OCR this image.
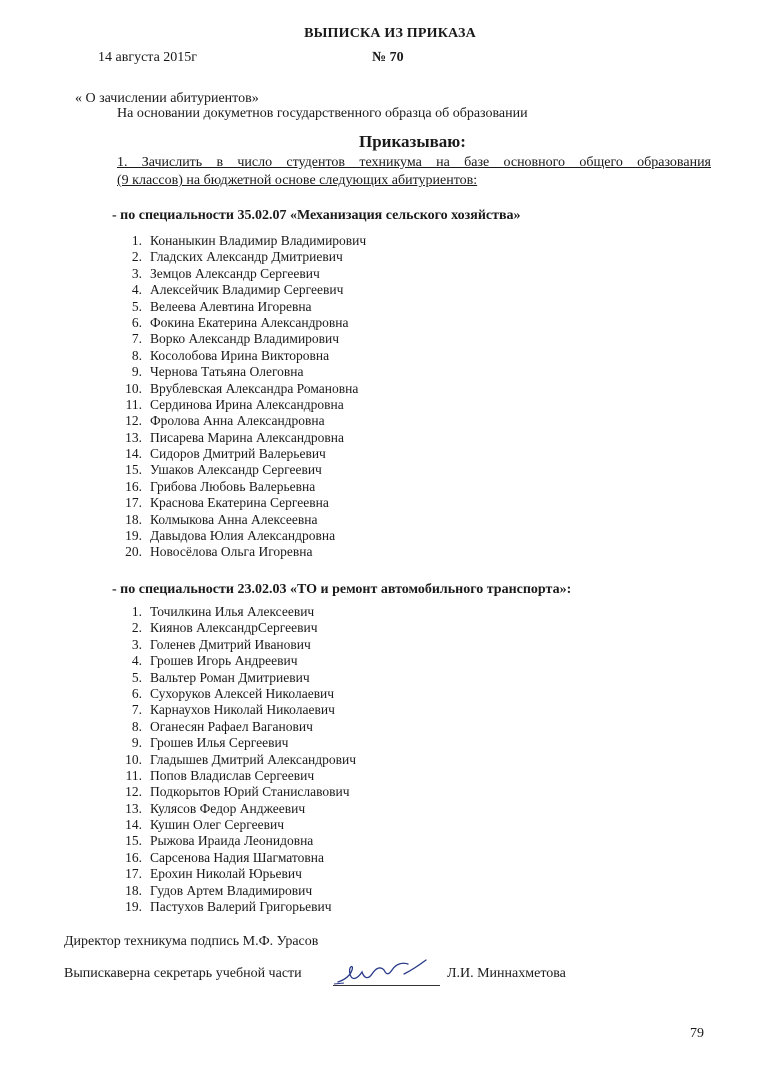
ВЫПИСКА ИЗ ПРИКАЗА
14 августа 2015г	№ 70
« О зачислении абитуриентов»
На основании докуметнов государственного образца об образовании
Приказываю:
1. Зачислить в число студентов техникума на базе основного общего образования
(9 классов) на бюджетной основе следующих абитуриентов:
- по специальности 35.02.07 «Механизация сельского хозяйства»
1. Конаныкин Владимир Владимирович
2. Гладских Александр Дмитриевич
3. Земцов Александр Сергеевич
4. Алексейчик Владимир Сергеевич
5. Велеева Алевтина Игоревна
6. Фокина Екатерина Александровна
7. Ворко Александр Владимирович
8. Косолобова Ирина Викторовна
9. Чернова Татьяна Олеговна
10. Врублевская Александра Романовна
11. Сердинова Ирина Александровна
12. Фролова Анна Александровна
13. Писарева Марина Александровна
14. Сидоров Дмитрий Валерьевич
15. Ушаков Александр Сергеевич
16. Грибова Любовь Валерьевна
17. Краснова Екатерина Сергеевна
18. Колмыкова Анна Алексеевна
19. Давыдова Юлия Александровна
20. Новосёлова Ольга Игоревна
- по специальности 23.02.03 «ТО и ремонт автомобильного транспорта»:
1. Точилкина Илья Алексеевич
2. Киянов АлександрСергеевич
3. Голенев Дмитрий Иванович
4. Грошев Игорь Андреевич
5. Вальтер Роман Дмитриевич
6. Сухоруков Алексей Николаевич
7. Карнаухов Николай Николаевич
8. Оганесян Рафаел Ваганович
9. Грошев Илья Сергеевич
10. Гладышев Дмитрий Александрович
11. Попов Владислав Сергеевич
12. Подкорытов Юрий Станиславович
13. Кулясов Федор Анджеевич
14. Кушин Олег Сергеевич
15. Рыжова Ираида Леонидовна
16. Сарсенова Надия Шагматовна
17. Ерохин Николай Юрьевич
18. Гудов Артем Владимирович
19. Пастухов Валерий Григорьевич
Директор техникума подпись М.Ф. Урасов
Выпискаверна секретарь учебной части	Л.И. Миннахметова
79
